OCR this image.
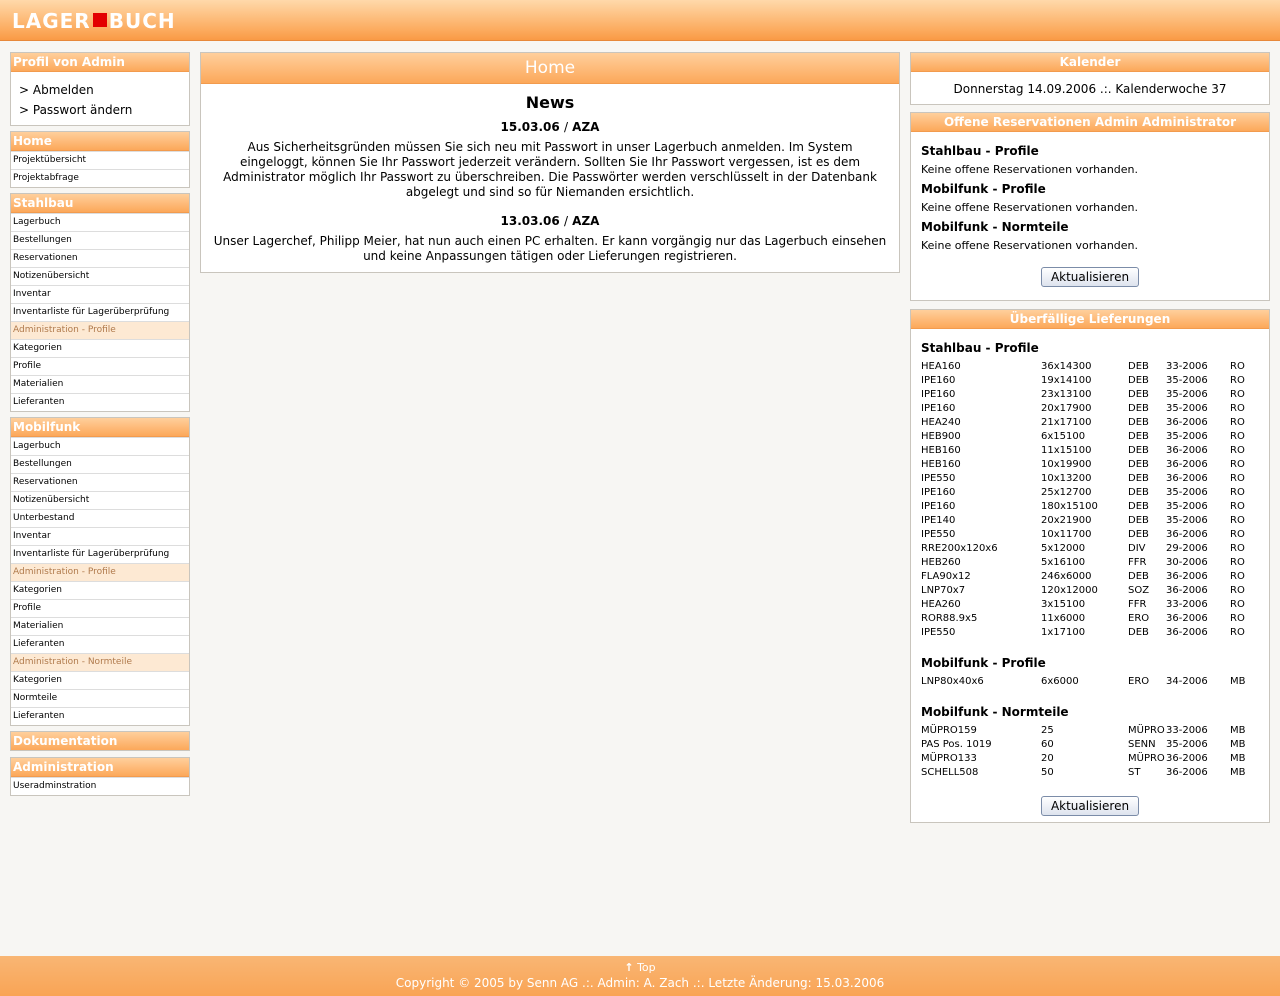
LAGER BUCH
Profil von Admin Administrator
> Abmelden
> Passwort ändern
Home
Projektübersicht
Projektabfrage
Stahlbau
Lagerbuch
Bestellungen
Reservationen
Notizenübersicht
Inventar
Inventarliste für Lagerüberprüfung
Administration - Profile
Kategorien
Profile
Materialien
Lieferanten
Mobilfunk
Lagerbuch
Bestellungen
Reservationen
Notizenübersicht
Unterbestand
Inventar
Inventarliste für Lagerüberprüfung
Administration - Profile
Kategorien
Profile
Materialien
Lieferanten
Administration - Normteile
Kategorien
Normteile
Lieferanten
Dokumentation
Administration
Useradminstration
Home
News
15.03.06 / AZA
Aus Sicherheitsgründen müssen Sie sich neu mit Passwort in unser Lagerbuch anmelden. Im System eingeloggt, können Sie Ihr Passwort jederzeit verändern. Sollten Sie Ihr Passwort vergessen, ist es dem Administrator möglich Ihr Passwort zu überschreiben. Die Passwörter werden verschlüsselt in der Datenbank abgelegt und sind so für Niemanden ersichtlich.
13.03.06 / AZA
Unser Lagerchef, Philipp Meier, hat nun auch einen PC erhalten. Er kann vorgängig nur das Lagerbuch einsehen und keine Anpassungen tätigen oder Lieferungen registrieren.
Kalender
Donnerstag 14.09.2006 .:. Kalenderwoche 37
Offene Reservationen Admin Administrator
Stahlbau - Profile
Keine offene Reservationen vorhanden.
Mobilfunk - Profile
Keine offene Reservationen vorhanden.
Mobilfunk - Normteile
Keine offene Reservationen vorhanden.
Aktualisieren
Überfällige Lieferungen
Stahlbau - Profile
HEA160	36x14300	DEB	33-2006	RO
IPE160	19x14100	DEB	35-2006	RO
IPE160	23x13100	DEB	35-2006	RO
IPE160	20x17900	DEB	35-2006	RO
HEA240	21x17100	DEB	36-2006	RO
HEB900	6x15100	DEB	35-2006	RO
HEB160	11x15100	DEB	36-2006	RO
HEB160	10x19900	DEB	36-2006	RO
IPE550	10x13200	DEB	36-2006	RO
IPE160	25x12700	DEB	35-2006	RO
IPE160	180x15100	DEB	35-2006	RO
IPE140	20x21900	DEB	35-2006	RO
IPE550	10x11700	DEB	36-2006	RO
RRE200x120x6	5x12000	DIV	29-2006	RO
HEB260	5x16100	FFR	30-2006	RO
FLA90x12	246x6000	DEB	36-2006	RO
LNP70x7	120x12000	SOZ	36-2006	RO
HEA260	3x15100	FFR	33-2006	RO
ROR88.9x5	11x6000	ERO	36-2006	RO
IPE550	1x17100	DEB	36-2006	RO
Mobilfunk - Profile
LNP80x40x6	6x6000	ERO	34-2006	MB
Mobilfunk - Normteile
MÜPRO159	25	MÜPRO	33-2006	MB
PAS Pos. 1019	60	SENN	35-2006	MB
MÜPRO133	20	MÜPRO	36-2006	MB
SCHELL508	50	ST	36-2006	MB
Aktualisieren
↑ Top
Copyright © 2005 by Senn AG .:. Admin: A. Zach .:. Letzte Änderung: 15.03.2006
